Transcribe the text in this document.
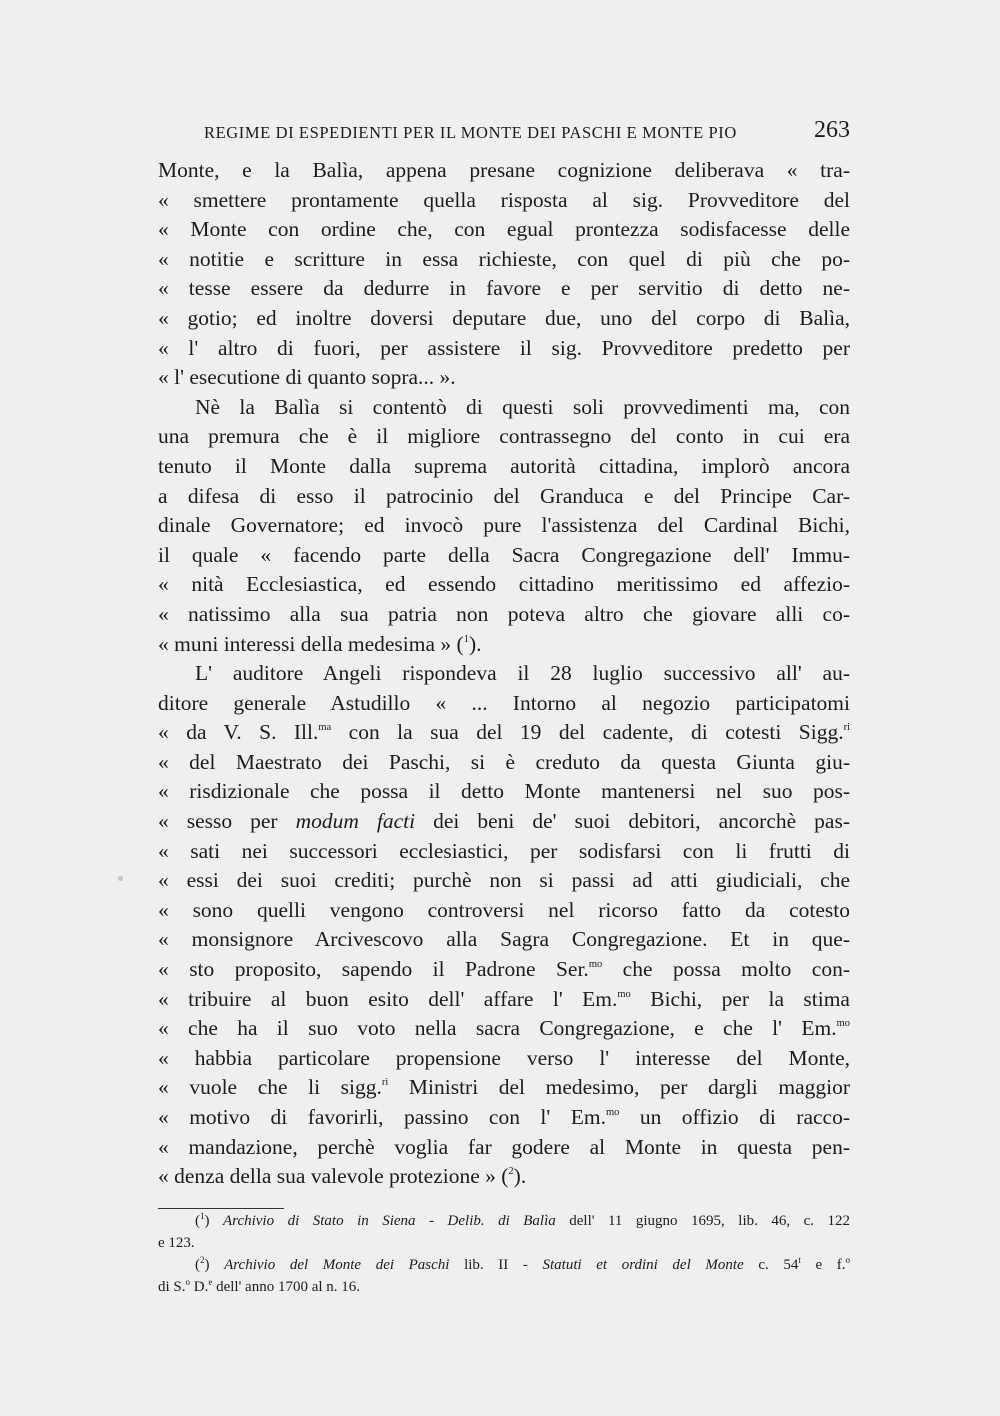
REGIME DI ESPEDIENTI PER IL MONTE DEI PASCHI E MONTE PIO	263
Monte, e la Balìa, appena presane cognizione deliberava « tra-
« smettere prontamente quella risposta al sig. Provveditore del
« Monte con ordine che, con egual prontezza sodisfacesse delle
« notitie e scritture in essa richieste, con quel di più che po-
« tesse essere da dedurre in favore e per servitio di detto ne-
« gotio; ed inoltre doversi deputare due, uno del corpo di Balìa,
« l' altro di fuori, per assistere il sig. Provveditore predetto per
« l' esecutione di quanto sopra... ».
Nè la Balìa si contentò di questi soli provvedimenti ma, con
una premura che è il migliore contrassegno del conto in cui era
tenuto il Monte dalla suprema autorità cittadina, implorò ancora
a difesa di esso il patrocinio del Granduca e del Principe Car-
dinale Governatore; ed invocò pure l'assistenza del Cardinal Bichi,
il quale « facendo parte della Sacra Congregazione dell' Immu-
« nità Ecclesiastica, ed essendo cittadino meritissimo ed affezio-
« natissimo alla sua patria non poteva altro che giovare alli co-
« muni interessi della medesima » ($^1$).
L' auditore Angeli rispondeva il 28 luglio successivo all' au-
ditore generale Astudillo « ... Intorno al negozio participatomi
« da V. S. Ill.$^{ma}$ con la sua del 19 del cadente, di cotesti Sigg.$^{ri}$
« del Maestrato dei Paschi, si è creduto da questa Giunta giu-
« risdizionale che possa il detto Monte mantenersi nel suo pos-
« sesso per modum facti dei beni de' suoi debitori, ancorchè pas-
« sati nei successori ecclesiastici, per sodisfarsi con li frutti di
« essi dei suoi crediti; purchè non si passi ad atti giudiciali, che
« sono quelli vengono controversi nel ricorso fatto da cotesto
« monsignore Arcivescovo alla Sagra Congregazione. Et in que-
« sto proposito, sapendo il Padrone Ser.$^{mo}$ che possa molto con-
« tribuire al buon esito dell' affare l' Em.$^{mo}$ Bichi, per la stima
« che ha il suo voto nella sacra Congregazione, e che l' Em.$^{mo}$
« habbia particolare propensione verso l' interesse del Monte,
« vuole che li sigg.$^{ri}$ Ministri del medesimo, per dargli maggior
« motivo di favorirli, passino con l' Em.$^{mo}$ un offizio di racco-
« mandazione, perchè voglia far godere al Monte in questa pen-
« denza della sua valevole protezione » ($^2$).
($^1$) Archivio di Stato in Siena - Delib. di Balìa dell' 11 giugno 1695, lib. 46, c. 122
e 123.
($^2$) Archivio del Monte dei Paschi lib. II - Statuti et ordini del Monte c. 54$^t$ e f.$^o$
di S.$^o$ D.$^e$ dell' anno 1700 al n. 16.
